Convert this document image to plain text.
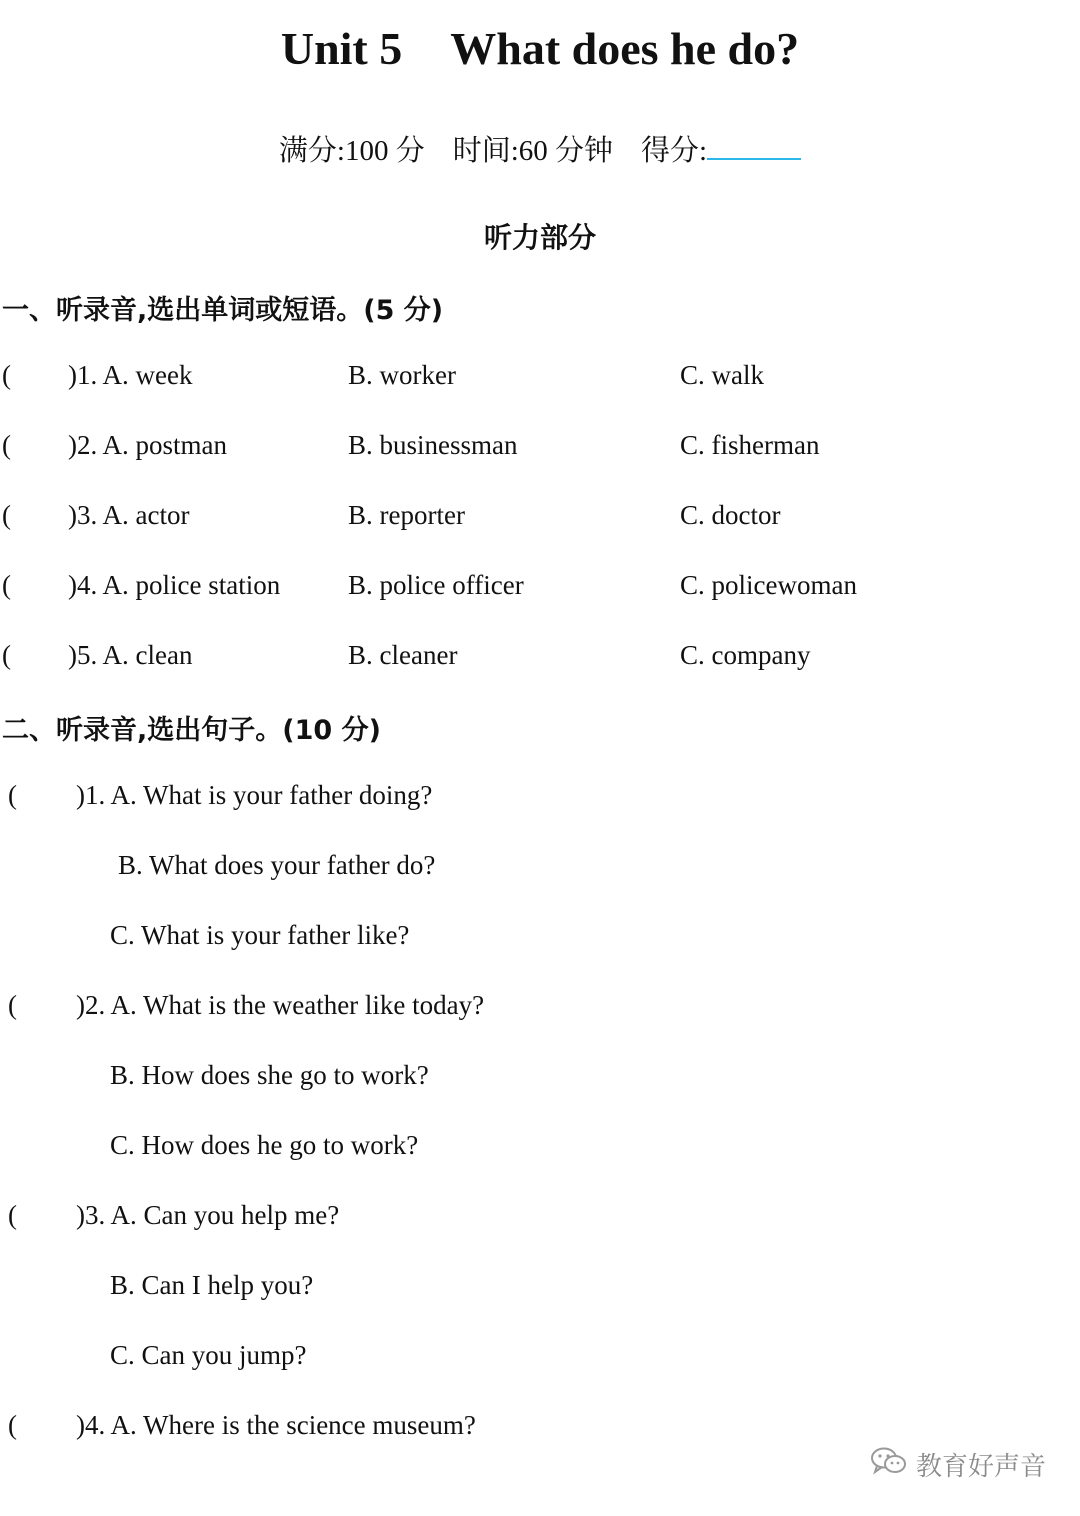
Unit 5 What does he do?
满分:100 分 时间:60 分钟 得分:
听力部分
一、听录音,选出单词或短语。(5 分)
( )1. A. week	B. worker	C. walk
( )2. A. postman	B. businessman	C. fisherman
( )3. A. actor	B. reporter	C. doctor
( )4. A. police station	B. police officer	C. policewoman
( )5. A. clean	B. cleaner	C. company
二、听录音,选出句子。(10 分)
( )1. A. What is your father doing?
B. What does your father do?
C. What is your father like?
( )2. A. What is the weather like today?
B. How does she go to work?
C. How does he go to work?
( )3. A. Can you help me?
B. Can I help you?
C. Can you jump?
( )4. A. Where is the science museum?
教育好声音
